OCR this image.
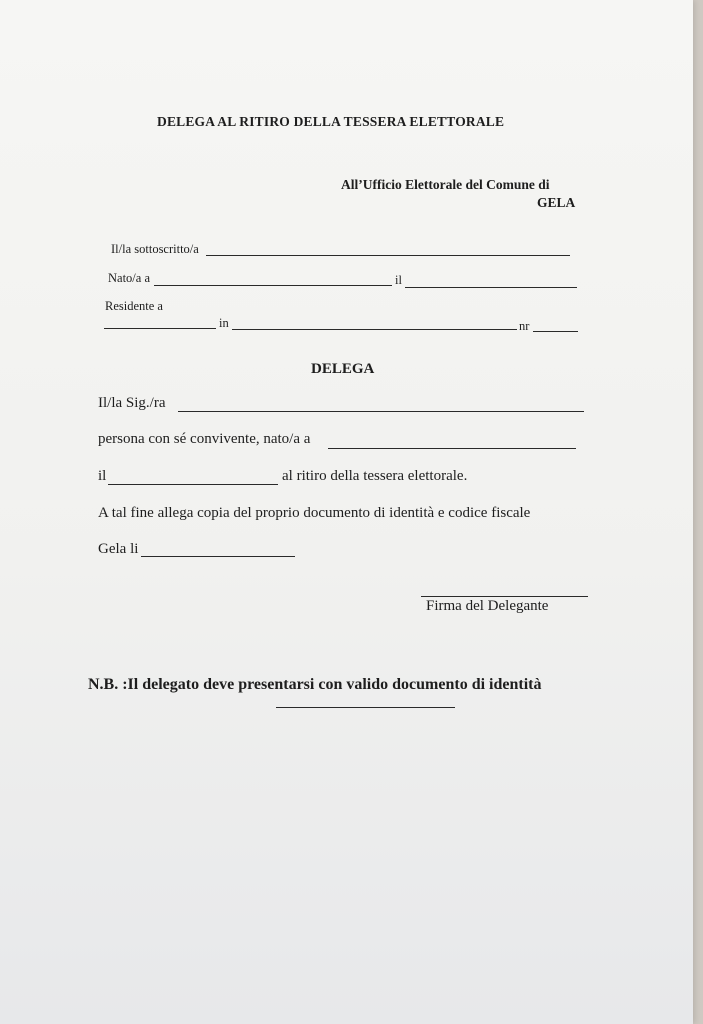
DELEGA AL RITIRO DELLA TESSERA ELETTORALE
All’Ufficio Elettorale del Comune di
GELA
Il/la sottoscritto/a
Nato/a a	il
Residente a
in	nr
DELEGA
Il/la Sig./ra
persona con sé convivente, nato/a a
il	al ritiro della tessera elettorale.
A tal fine allega copia del proprio documento di identità e codice fiscale
Gela li
Firma del Delegante
N.B. :Il delegato deve presentarsi con valido documento di identità
